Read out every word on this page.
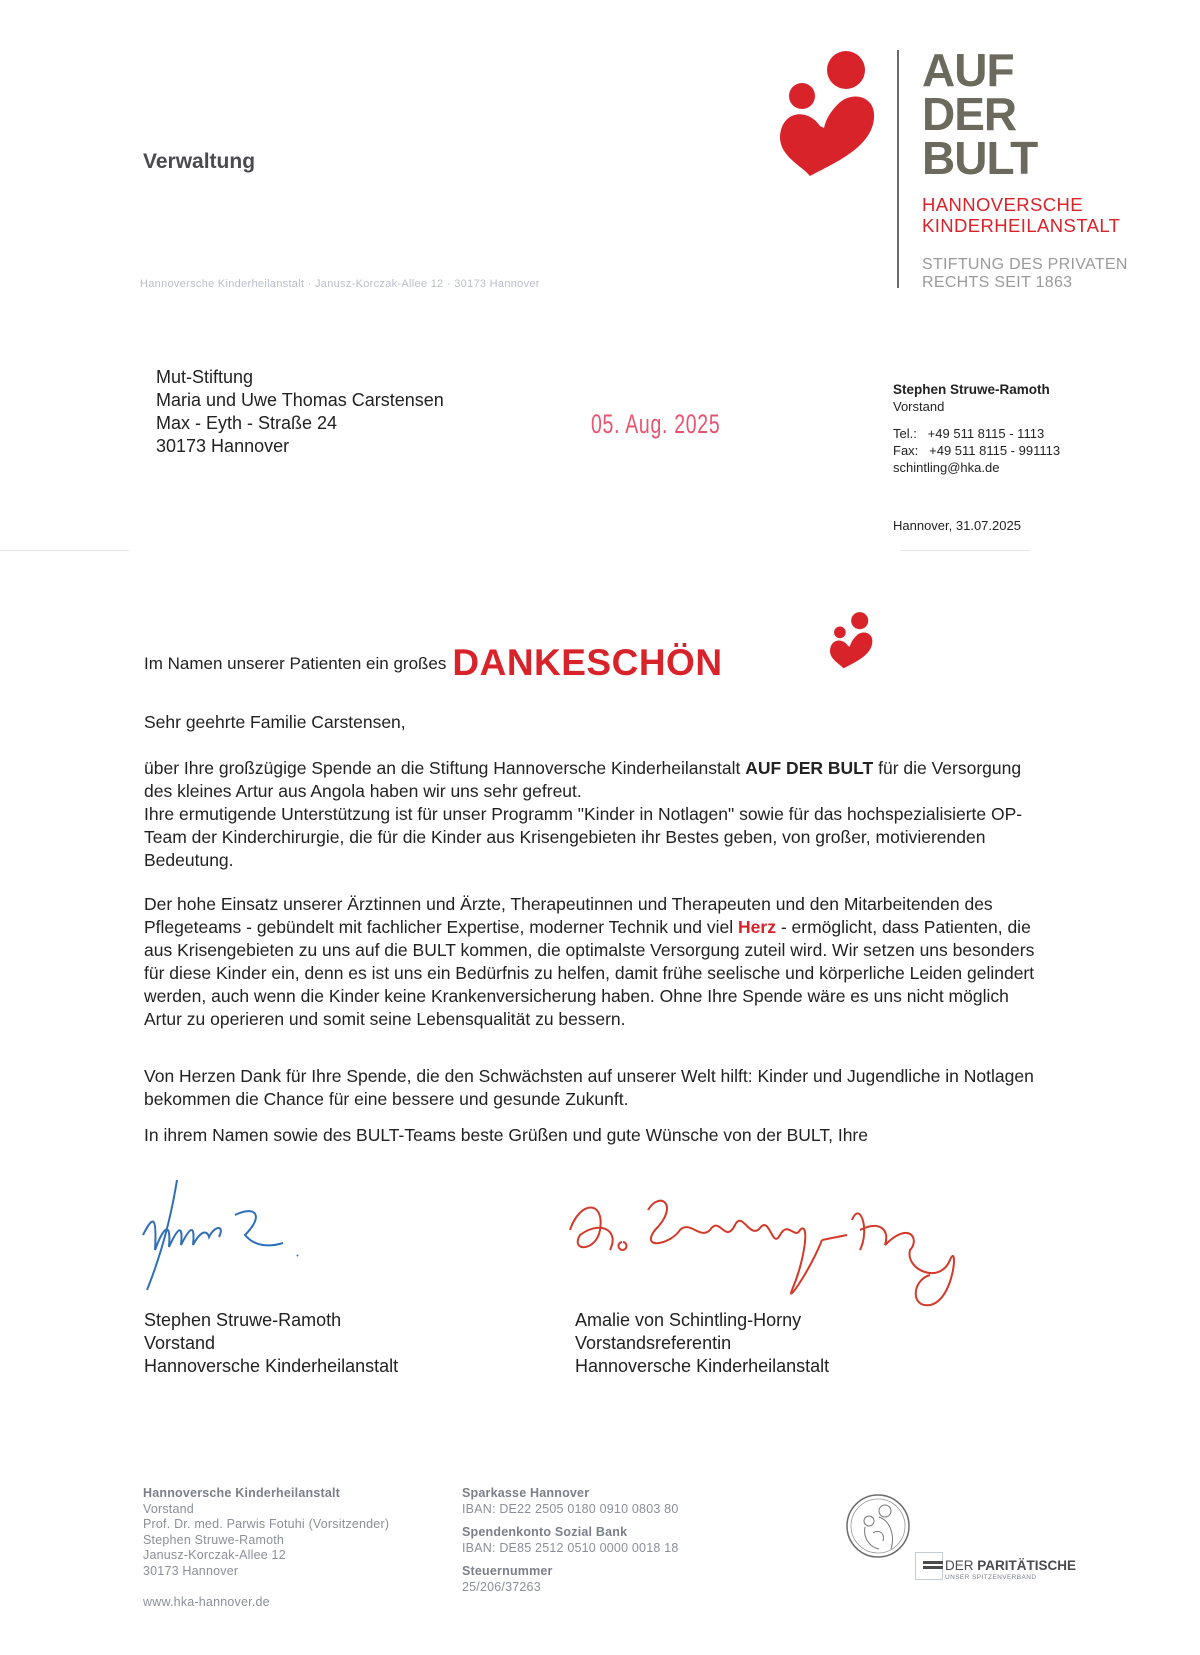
Verwaltung
Hannoversche Kinderheilanstalt · Janusz-Korczak-Allee 12 · 30173 Hannover
AUF
DER
BULT
HANNOVERSCHE
KINDERHEILANSTALT
STIFTUNG DES PRIVATEN
RECHTS SEIT 1863
Mut-Stiftung
Maria und Uwe Thomas Carstensen
Max - Eyth - Straße 24
30173 Hannover
05. Aug. 2025
Stephen Struwe-Ramoth
Vorstand
Tel.:   +49 511 8115 - 1113
Fax:   +49 511 8115 - 991113
schintling@hka.de
Hannover, 31.07.2025
Im Namen unserer Patienten ein großes DANKESCHÖN
Sehr geehrte Familie Carstensen,
über Ihre großzügige Spende an die Stiftung Hannoversche Kinderheilanstalt AUF DER BULT für die Versorgung des kleines Artur aus Angola haben wir uns sehr gefreut.
Ihre ermutigende Unterstützung ist für unser Programm "Kinder in Notlagen" sowie für das hochspezialisierte OP-Team der Kinderchirurgie, die für die Kinder aus Krisengebieten ihr Bestes geben, von großer, motivierenden Bedeutung.
Der hohe Einsatz unserer Ärztinnen und Ärzte, Therapeutinnen und Therapeuten und den Mitarbeitenden des Pflegeteams - gebündelt mit fachlicher Expertise, moderner Technik und viel Herz - ermöglicht, dass Patienten, die aus Krisengebieten zu uns auf die BULT kommen, die optimalste Versorgung zuteil wird. Wir setzen uns besonders für diese Kinder ein, denn es ist uns ein Bedürfnis zu helfen, damit frühe seelische und körperliche Leiden gelindert werden, auch wenn die Kinder keine Krankenversicherung haben. Ohne Ihre Spende wäre es uns nicht möglich Artur zu operieren und somit seine Lebensqualität zu bessern.
Von Herzen Dank für Ihre Spende, die den Schwächsten auf unserer Welt hilft: Kinder und Jugendliche in Notlagen bekommen die Chance für eine bessere und gesunde Zukunft.
In ihrem Namen sowie des BULT-Teams beste Grüßen und gute Wünsche von der BULT, Ihre
Stephen Struwe-Ramoth
Vorstand
Hannoversche Kinderheilanstalt
Amalie von Schintling-Horny
Vorstandsreferentin
Hannoversche Kinderheilanstalt
Hannoversche Kinderheilanstalt
Vorstand
Prof. Dr. med. Parwis Fotuhi (Vorsitzender)
Stephen Struwe-Ramoth
Janusz-Korczak-Allee 12
30173 Hannover
www.hka-hannover.de
Sparkasse Hannover
IBAN: DE22 2505 0180 0910 0803 80
Spendenkonto Sozial Bank
IBAN: DE85 2512 0510 0000 0018 18
Steuernummer
25/206/37263
DER PARITÄTISCHE
UNSER SPITZENVERBAND
